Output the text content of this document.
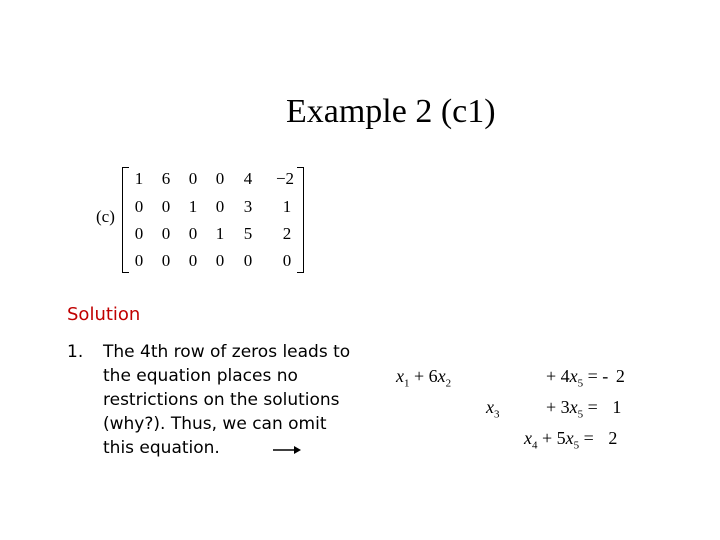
Example 2 (c1)
(c)
1	6	0	0	4	−2
0	0	1	0	3	1
0	0	0	1	5	2
0	0	0	0	0	0
Solution
1. The 4th row of zeros leads to
the equation places no
restrictions on the solutions
(why?). Thus, we can omit
this equation.
$x_1 + 6x_2$	+ $4x_5$ = - 2
$x_3$	+ $3x_5 = 1$
$x_4 + 5x_5 = 2$
